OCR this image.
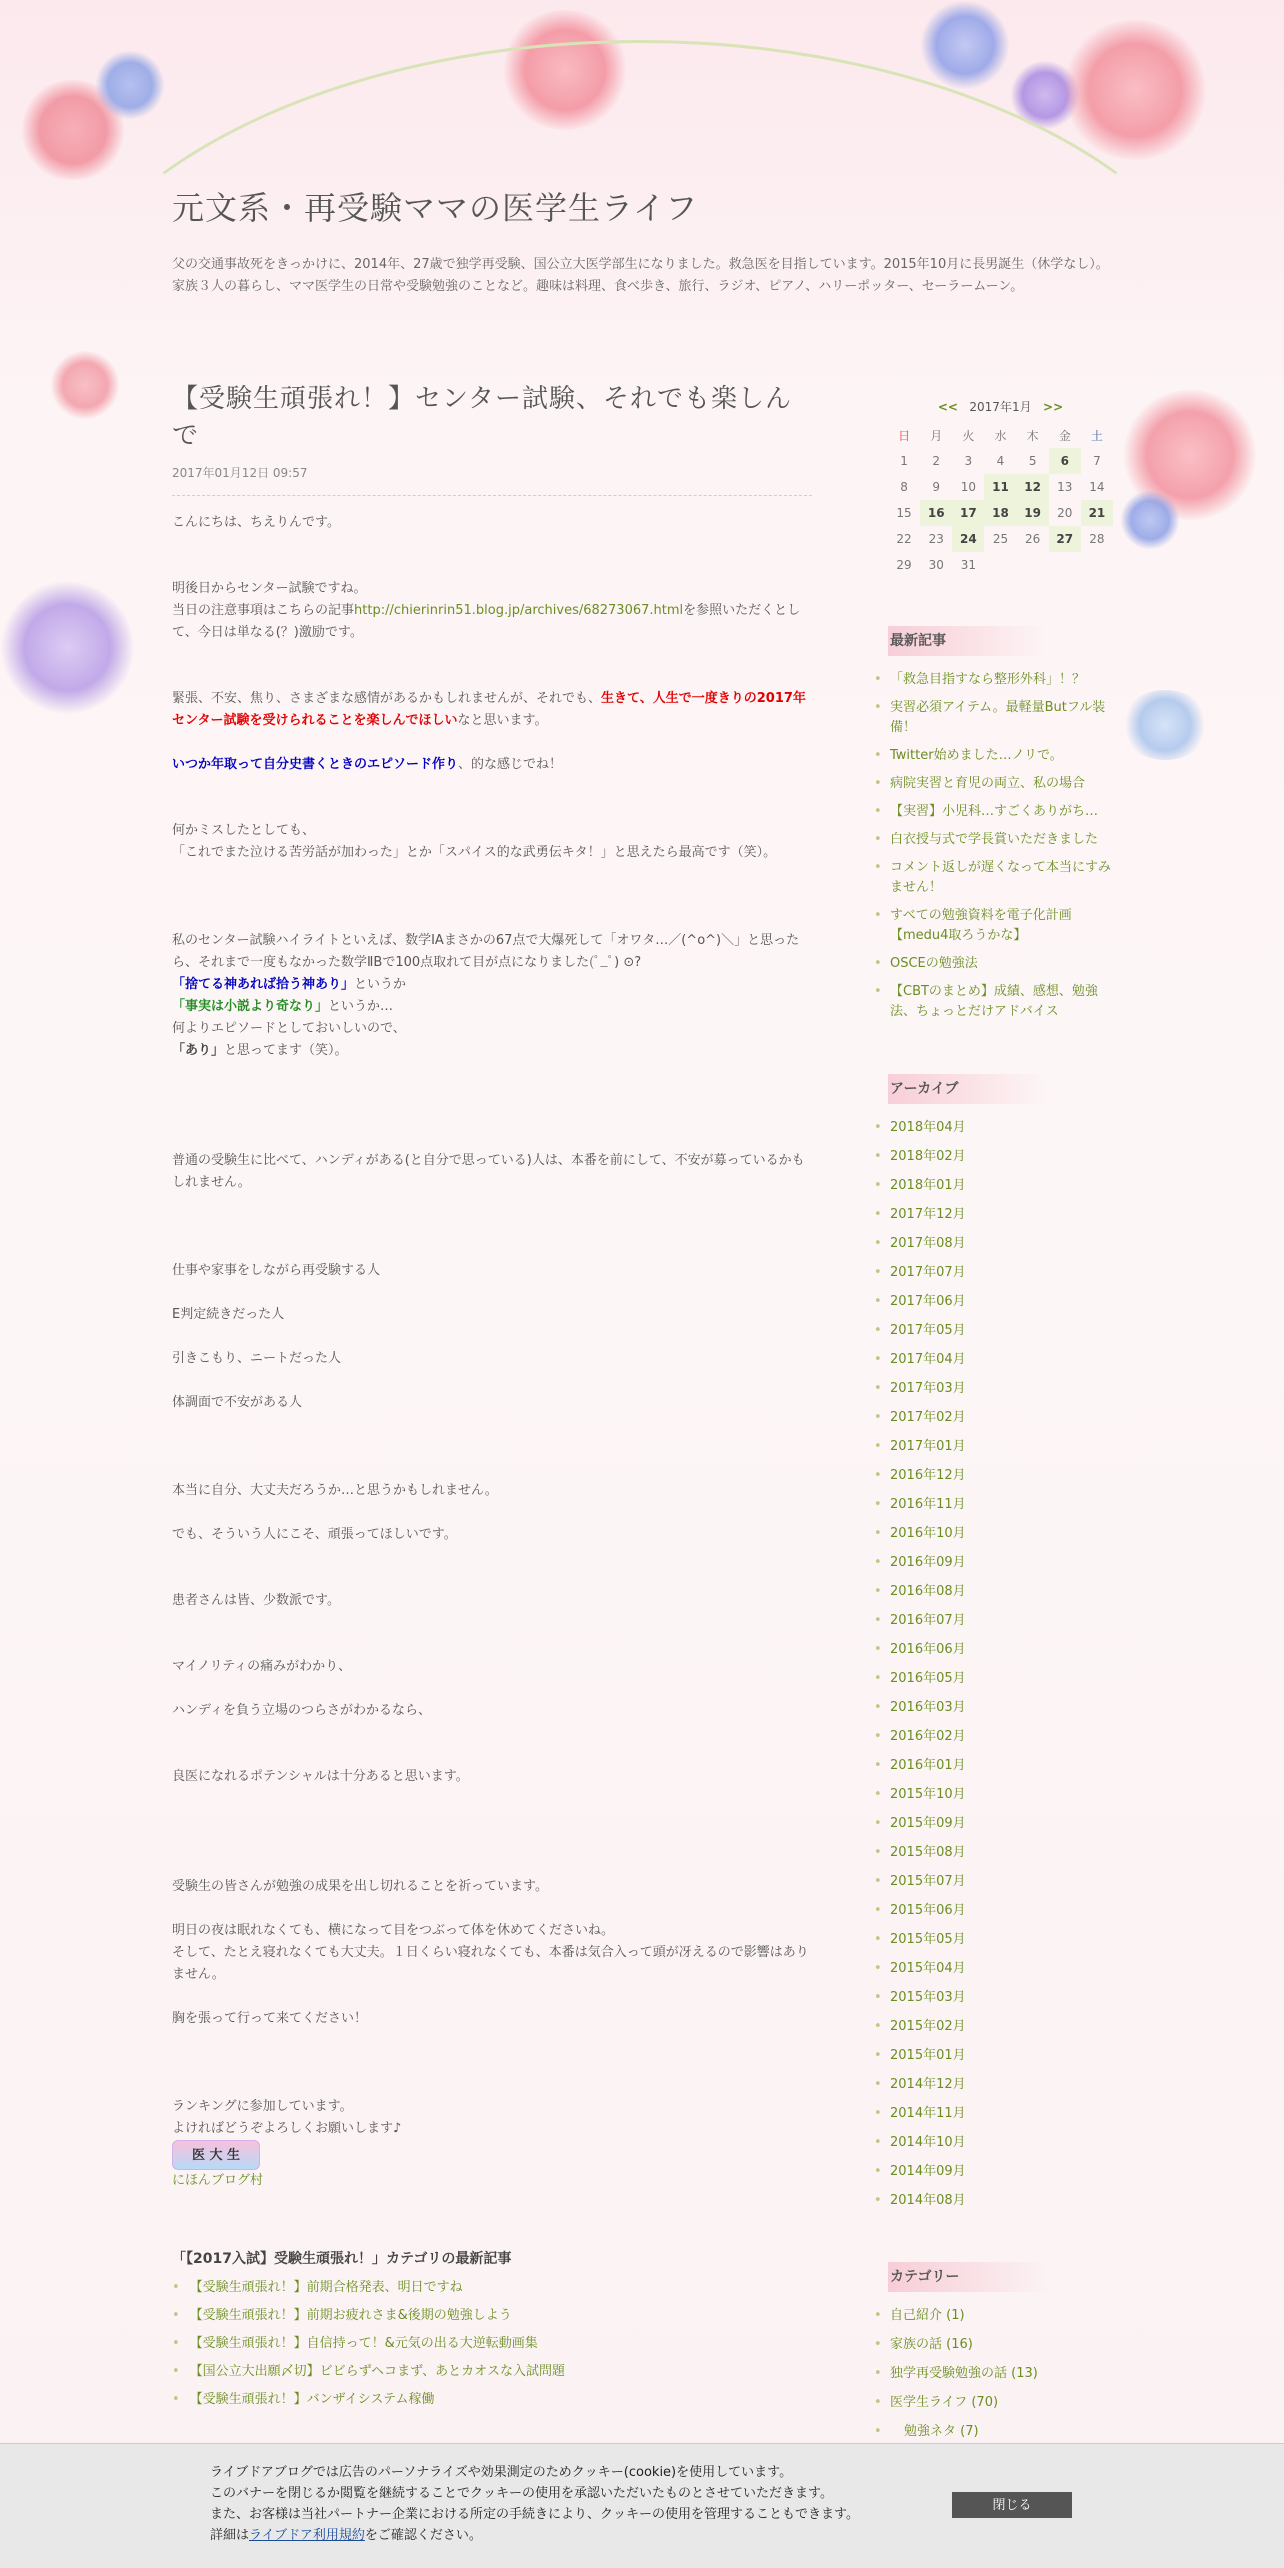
元文系・再受験ママの医学生ライフ
父の交通事故死をきっかけに、2014年、27歳で独学再受験、国公立大医学部生になりました。救急医を目指しています。2015年10月に長男誕生（休学なし）。家族３人の暮らし、ママ医学生の日常や受験勉強のことなど。趣味は料理、食べ歩き、旅行、ラジオ、ピアノ、ハリーポッター、セーラームーン。
【受験生頑張れ！】センター試験、それでも楽しんで
2017年01月12日 09:57

こんにちは、ちえりんです。

明後日からセンター試験ですね。

当日の注意事項はこちらの記事http://chierinrin51.blog.jp/archives/68273067.htmlを参照いただくとして、今日は単なる(？)激励です。

緊張、不安、焦り、さまざまな感情があるかもしれませんが、それでも、生きて、人生で一度きりの2017年センター試験を受けられることを楽しんでほしいなと思います。

いつか年取って自分史書くときのエピソード作り、的な感じでね！

何かミスしたとしても、

「これでまた泣ける苦労話が加わった」とか「スパイス的な武勇伝キタ！」と思えたら最高です（笑）。

私のセンター試験ハイライトといえば、数学ⅠAまさかの67点で大爆死して「オワタ…／(^o^)＼」と思ったら、それまで一度もなかった数学ⅡBで100点取れて目が点になりました(ﾟ_ﾟ) ⊙?

「捨てる神あれば拾う神あり」というか

「事実は小説より奇なり」というか…

何よりエピソードとしておいしいので、

「あり」と思ってます（笑）。

普通の受験生に比べて、ハンディがある(と自分で思っている)人は、本番を前にして、不安が募っているかもしれません。

仕事や家事をしながら再受験する人

E判定続きだった人

引きこもり、ニートだった人

体調面で不安がある人

本当に自分、大丈夫だろうか…と思うかもしれません。

でも、そういう人にこそ、頑張ってほしいです。

患者さんは皆、少数派です。

マイノリティの痛みがわかり、

ハンディを負う立場のつらさがわかるなら、

良医になれるポテンシャルは十分あると思います。

受験生の皆さんが勉強の成果を出し切れることを祈っています。

明日の夜は眠れなくても、横になって目をつぶって体を休めてくださいね。

そして、たとえ寝れなくても大丈夫。１日くらい寝れなくても、本番は気合入って頭が冴えるので影響はありません。

胸を張って行って来てください！

ランキングに参加しています。

よければどうぞよろしくお願いします♪

医 大 生

にほんブログ村

「【2017入試】受験生頑張れ！」カテゴリの最新記事
• 【受験生頑張れ！】前期合格発表、明日ですね
• 【受験生頑張れ！】前期お疲れさま&後期の勉強しよう
• 【受験生頑張れ！】自信持って！&元気の出る大逆転動画集
• 【国公立大出願〆切】ビビらずヘコまず、あとカオスな入試問題
• 【受験生頑張れ！】バンザイシステム稼働
<< 2017年1月 >>
日	月	火	水	木	金	土
1	2	3	4	5	6	7
8	9	10	11	12	13	14
15	16	17	18	19	20	21
22	23	24	25	26	27	28
29	30	31				
最新記事
• 「救急目指すなら整形外科」！？
• 実習必須アイテム。最軽量Butフル装備！
• Twitter始めました…ノリで。
• 病院実習と育児の両立、私の場合
• 【実習】小児科…すごくありがち…
• 白衣授与式で学長賞いただきました
• コメント返しが遅くなって本当にすみません！
• すべての勉強資料を電子化計画【medu4取ろうかな】
• OSCEの勉強法
• 【CBTのまとめ】成績、感想、勉強法、ちょっとだけアドバイス
アーカイブ
• 2018年04月
• 2018年02月
• 2018年01月
• 2017年12月
• 2017年08月
• 2017年07月
• 2017年06月
• 2017年05月
• 2017年04月
• 2017年03月
• 2017年02月
• 2017年01月
• 2016年12月
• 2016年11月
• 2016年10月
• 2016年09月
• 2016年08月
• 2016年07月
• 2016年06月
• 2016年05月
• 2016年03月
• 2016年02月
• 2016年01月
• 2015年10月
• 2015年09月
• 2015年08月
• 2015年07月
• 2015年06月
• 2015年05月
• 2015年04月
• 2015年03月
• 2015年02月
• 2015年01月
• 2014年12月
• 2014年11月
• 2014年10月
• 2014年09月
• 2014年08月
カテゴリー
• 自己紹介 (1)
• 家族の話 (16)
• 独学再受験勉強の話 (13)
• 医学生ライフ (70)
• 勉強ネタ (7)
ライブドアブログでは広告のパーソナライズや効果測定のためクッキー(cookie)を使用しています。
このバナーを閉じるか閲覧を継続することでクッキーの使用を承認いただいたものとさせていただきます。
また、お客様は当社パートナー企業における所定の手続きにより、クッキーの使用を管理することもできます。
詳細はライブドア利用規約をご確認ください。
閉じる
